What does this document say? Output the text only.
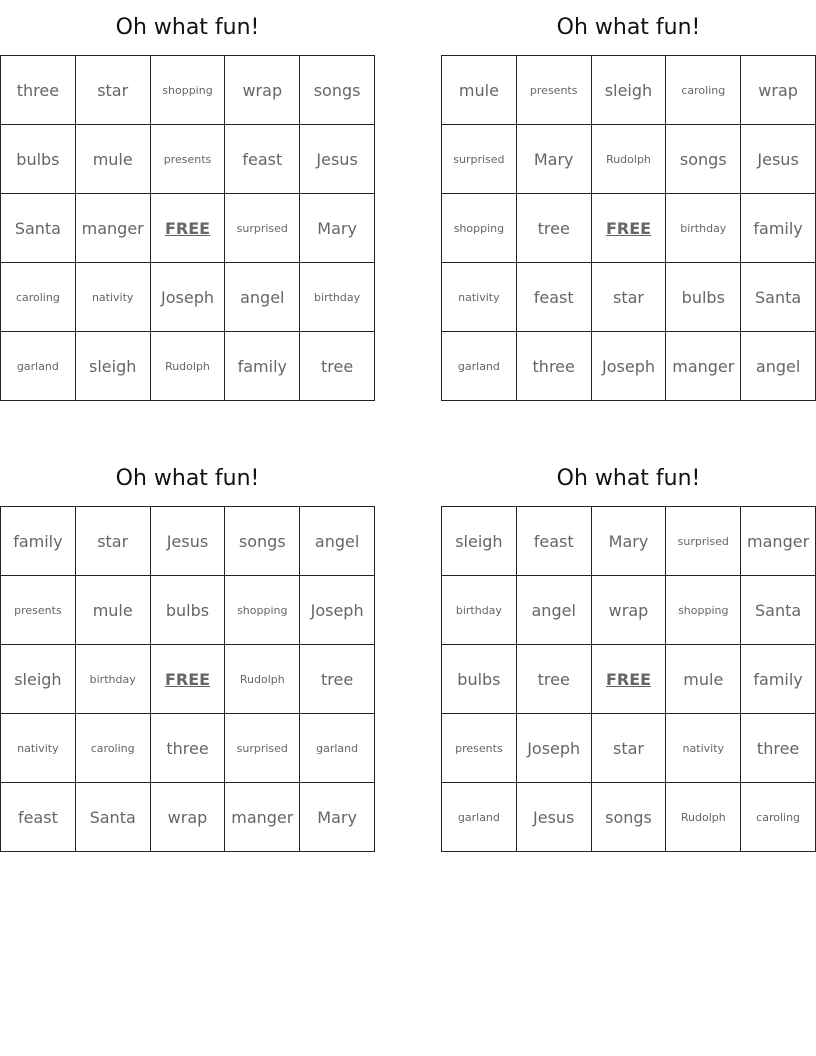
Oh what fun!
three	star	shopping	wrap	songs
bulbs	mule	presents	feast	Jesus
Santa	manger	FREE	surprised	Mary
caroling	nativity	Joseph	angel	birthday
garland	sleigh	Rudolph	family	tree
Oh what fun!
mule	presents	sleigh	caroling	wrap
surprised	Mary	Rudolph	songs	Jesus
shopping	tree	FREE	birthday	family
nativity	feast	star	bulbs	Santa
garland	three	Joseph	manger	angel
Oh what fun!
family	star	Jesus	songs	angel
presents	mule	bulbs	shopping	Joseph
sleigh	birthday	FREE	Rudolph	tree
nativity	caroling	three	surprised	garland
feast	Santa	wrap	manger	Mary
Oh what fun!
sleigh	feast	Mary	surprised	manger
birthday	angel	wrap	shopping	Santa
bulbs	tree	FREE	mule	family
presents	Joseph	star	nativity	three
garland	Jesus	songs	Rudolph	caroling
